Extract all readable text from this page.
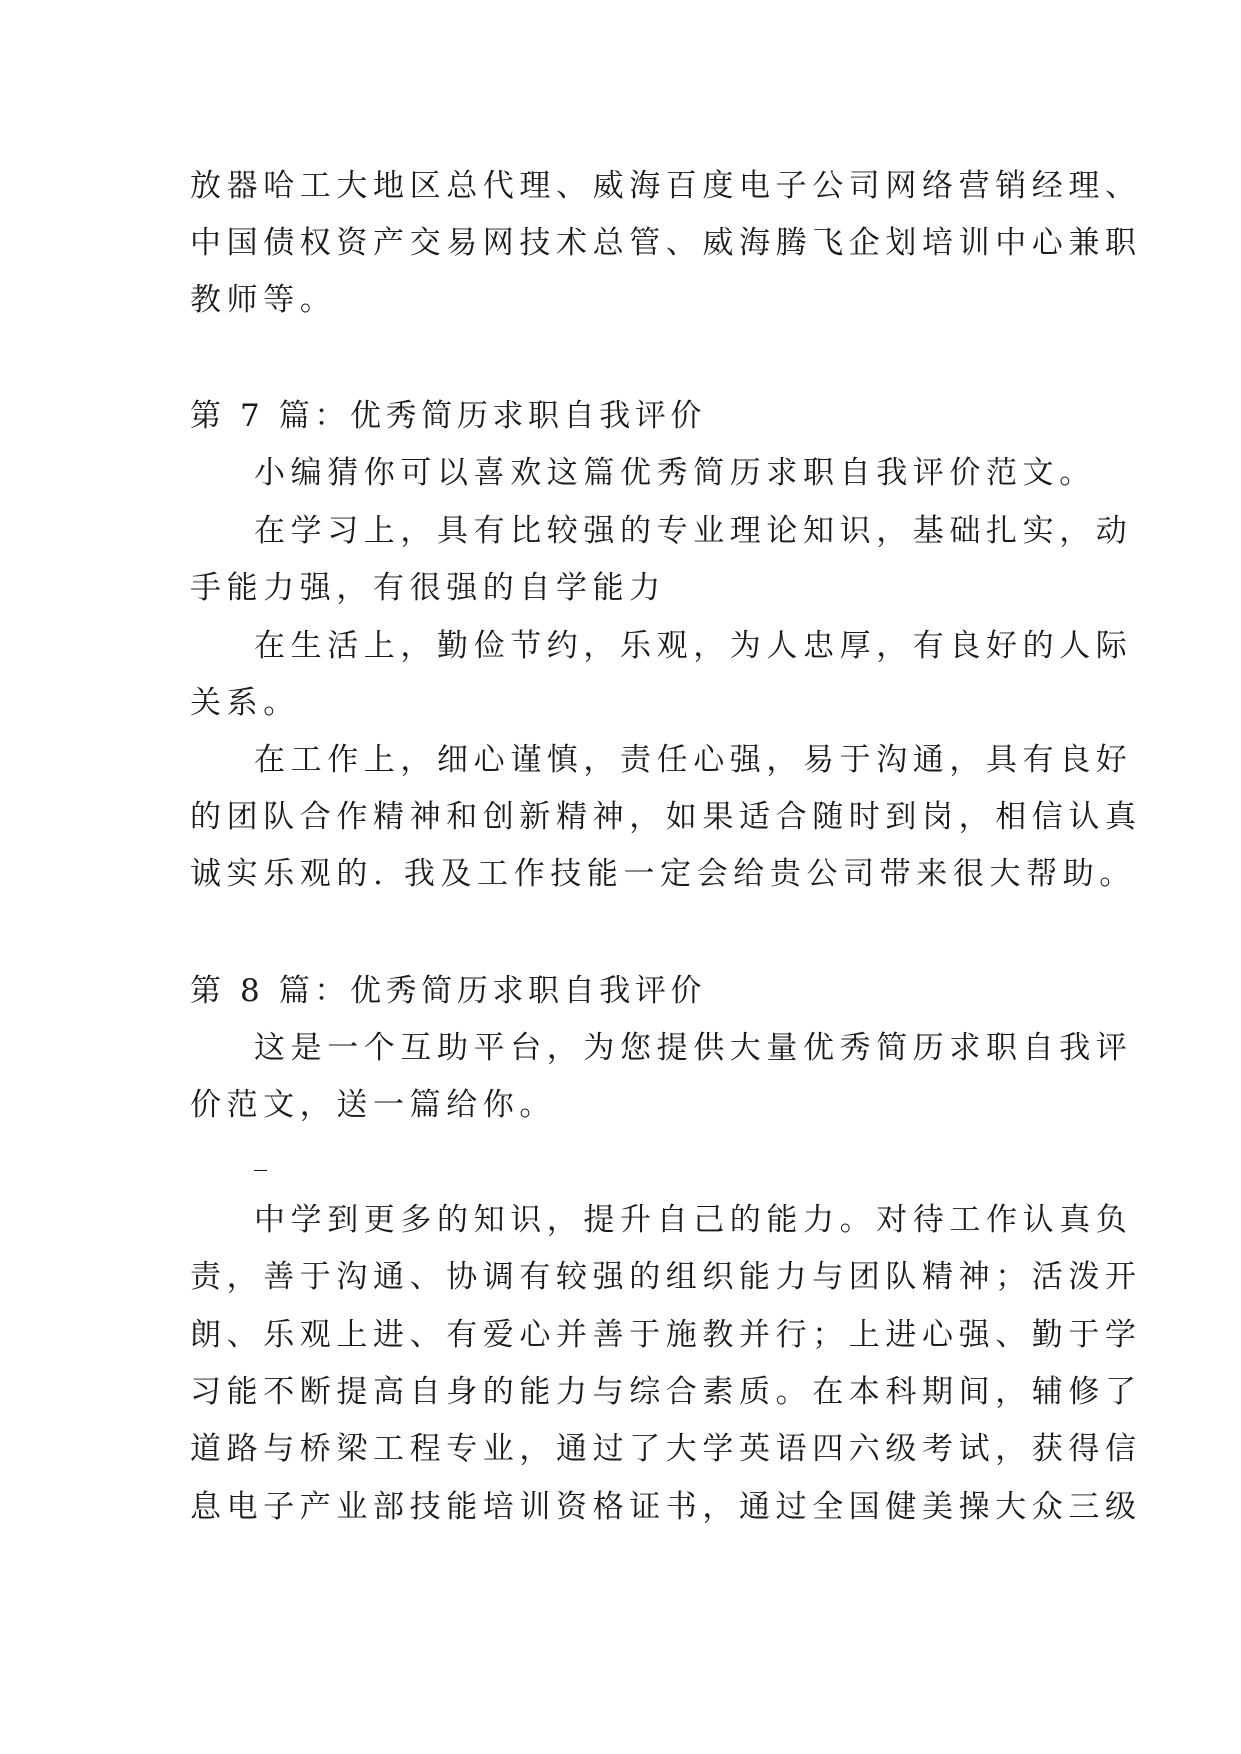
放器哈工大地区总代理、威海百度电子公司网络营销经理、
中国债权资产交易网技术总管、威海腾飞企划培训中心兼职
教师等。
第 7 篇：优秀简历求职自我评价
小编猜你可以喜欢这篇优秀简历求职自我评价范文。
在学习上，具有比较强的专业理论知识，基础扎实，动
手能力强，有很强的自学能力
在生活上，勤俭节约，乐观，为人忠厚，有良好的人际
关系。
在工作上，细心谨慎，责任心强，易于沟通，具有良好
的团队合作精神和创新精神，如果适合随时到岗，相信认真
诚实乐观的. 我及工作技能一定会给贵公司带来很大帮助。
第 8 篇：优秀简历求职自我评价
这是一个互助平台，为您提供大量优秀简历求职自我评
价范文，送一篇给你。
_
中学到更多的知识，提升自己的能力。对待工作认真负
责，善于沟通、协调有较强的组织能力与团队精神；活泼开
朗、乐观上进、有爱心并善于施教并行；上进心强、勤于学
习能不断提高自身的能力与综合素质。在本科期间，辅修了
道路与桥梁工程专业，通过了大学英语四六级考试，获得信
息电子产业部技能培训资格证书，通过全国健美操大众三级
